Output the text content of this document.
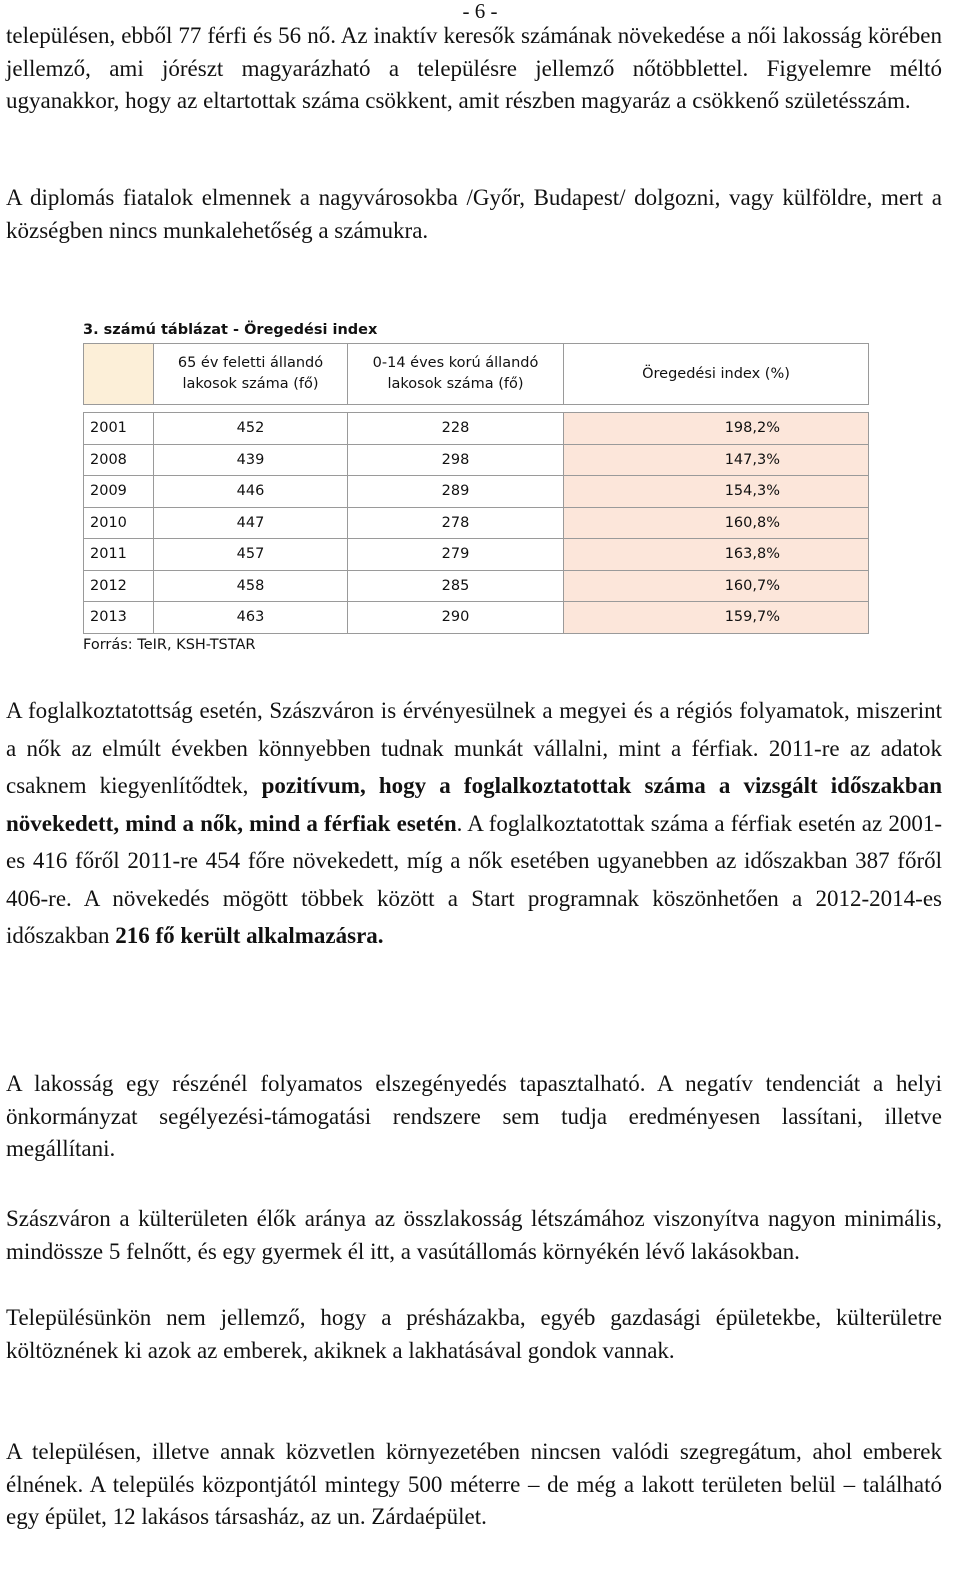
- 6 -

településen, ebből 77 férfi és 56 nő. Az inaktív keresők számának növekedése a női lakosság körében jellemző, ami jórészt magyarázható a településre jellemző nőtöbblettel. Figyelemre méltó ugyanakkor, hogy az eltartottak száma csökkent, amit részben magyaráz a csökkenő születésszám.

A diplomás fiatalok elmennek a nagyvárosokba /Győr, Budapest/ dolgozni, vagy külföldre, mert a községben nincs munkalehetőség a számukra.

3. számú táblázat - Öregedési index
	65 év feletti állandó lakosok száma (fő)	0-14 éves korú állandó lakosok száma (fő)	Öregedési index (%)

2001	452	228	198,2%
2008	439	298	147,3%
2009	446	289	154,3%
2010	447	278	160,8%
2011	457	279	163,8%
2012	458	285	160,7%
2013	463	290	159,7%
Forrás: TeIR, KSH-TSTAR

A foglalkoztatottság esetén, Szászváron is érvényesülnek a megyei és a régiós folyamatok, miszerint a nők az elmúlt években könnyebben tudnak munkát vállalni, mint a férfiak. 2011-re az adatok csaknem kiegyenlítődtek, pozitívum, hogy a foglalkoztatottak száma a vizsgált időszakban növekedett, mind a nők, mind a férfiak esetén. A foglalkoztatottak száma a férfiak esetén az 2001-es 416 főről 2011-re 454 főre növekedett, míg a nők esetében ugyanebben az időszakban 387 főről 406-re. A növekedés mögött többek között a Start programnak köszönhetően a 2012-2014-es időszakban 216 fő került alkalmazásra.

A lakosság egy részénél folyamatos elszegényedés tapasztalható. A negatív tendenciát a helyi önkormányzat segélyezési-támogatási rendszere sem tudja eredményesen lassítani, illetve megállítani.

Szászváron a külterületen élők aránya az összlakosság létszámához viszonyítva nagyon minimális, mindössze 5 felnőtt, és egy gyermek él itt, a vasútállomás környékén lévő lakásokban.

Településünkön nem jellemző, hogy a présházakba, egyéb gazdasági épületekbe, külterületre költöznének ki azok az emberek, akiknek a lakhatásával gondok vannak.

A településen, illetve annak közvetlen környezetében nincsen valódi szegregátum, ahol emberek élnének. A település központjától mintegy 500 méterre – de még a lakott területen belül – található egy épület, 12 lakásos társasház, az un. Zárdaépület.
